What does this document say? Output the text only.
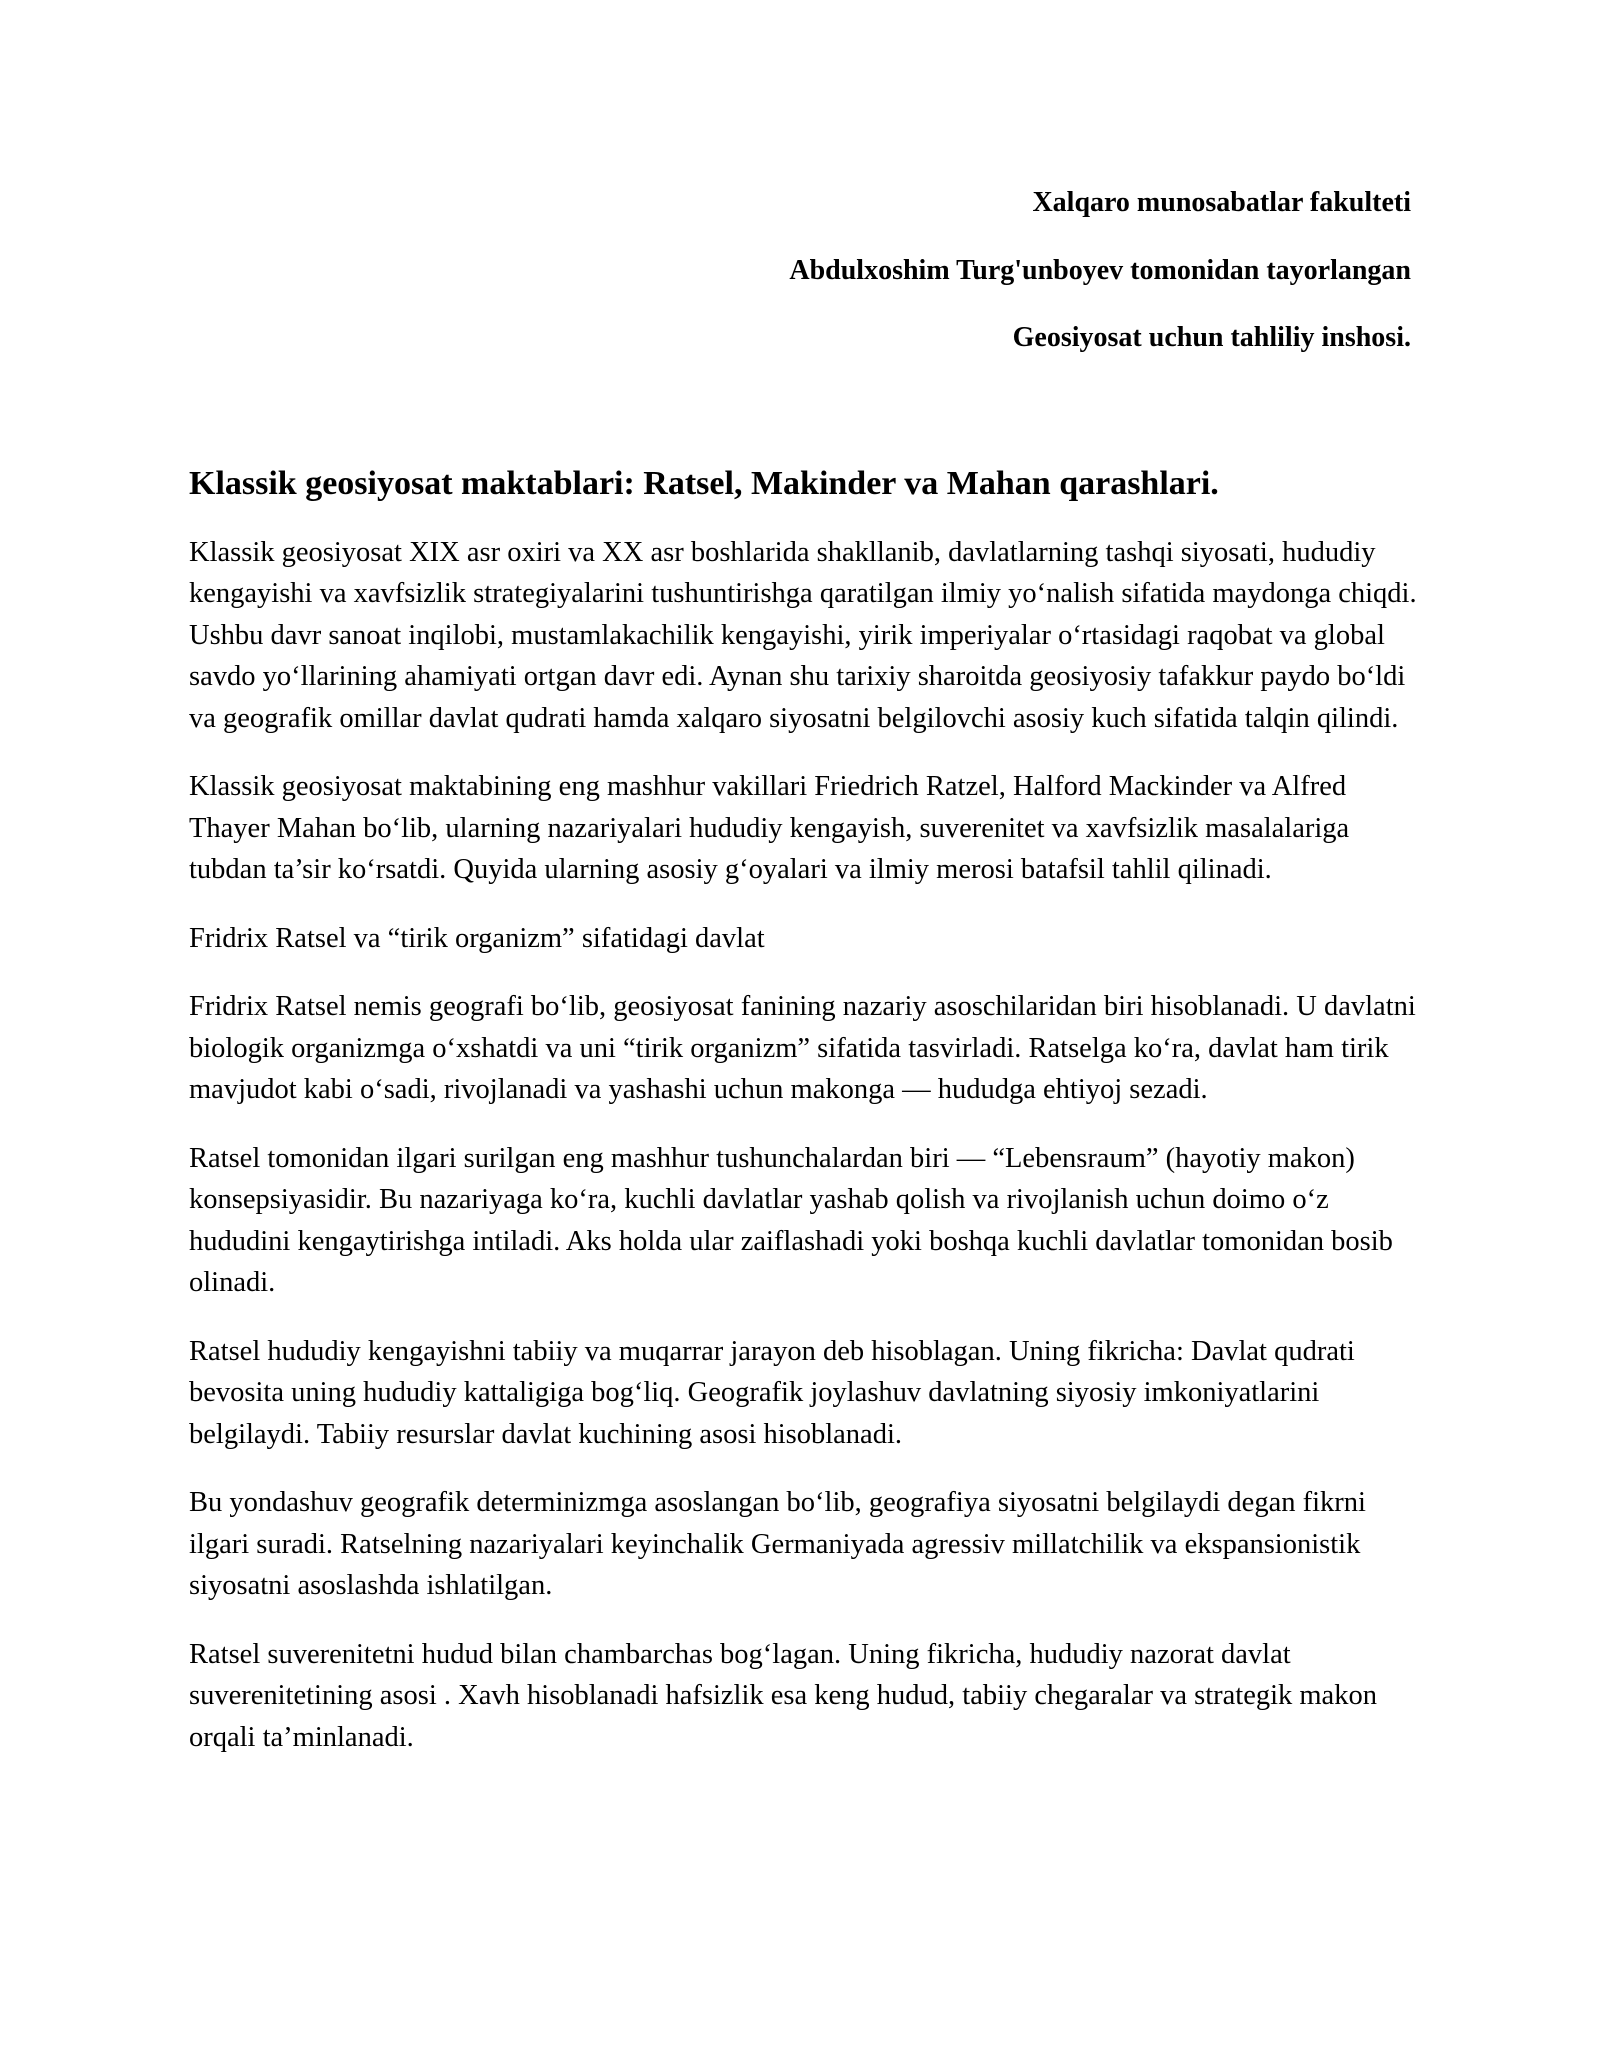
Xalqaro munosabatlar fakulteti

Abdulxoshim Turg'unboyev tomonidan tayorlangan

Geosiyosat uchun tahliliy inshosi.

Klassik geosiyosat maktablari: Ratsel, Makinder va Mahan qarashlari.

Klassik geosiyosat XIX asr oxiri va XX asr boshlarida shakllanib, davlatlarning tashqi siyosati, hududiy kengayishi va xavfsizlik strategiyalarini tushuntirishga qaratilgan ilmiy yo‘nalish sifatida maydonga chiqdi. Ushbu davr sanoat inqilobi, mustamlakachilik kengayishi, yirik imperiyalar o‘rtasidagi raqobat va global savdo yo‘llarining ahamiyati ortgan davr edi. Aynan shu tarixiy sharoitda geosiyosiy tafakkur paydo bo‘ldi va geografik omillar davlat qudrati hamda xalqaro siyosatni belgilovchi asosiy kuch sifatida talqin qilindi.

Klassik geosiyosat maktabining eng mashhur vakillari Friedrich Ratzel, Halford Mackinder va Alfred Thayer Mahan bo‘lib, ularning nazariyalari hududiy kengayish, suverenitet va xavfsizlik masalalariga tubdan ta’sir ko‘rsatdi. Quyida ularning asosiy g‘oyalari va ilmiy merosi batafsil tahlil qilinadi.

Fridrix Ratsel va “tirik organizm” sifatidagi davlat

Fridrix Ratsel nemis geografi bo‘lib, geosiyosat fanining nazariy asoschilaridan biri hisoblanadi. U davlatni biologik organizmga o‘xshatdi va uni “tirik organizm” sifatida tasvirladi. Ratselga ko‘ra, davlat ham tirik mavjudot kabi o‘sadi, rivojlanadi va yashashi uchun makonga — hududga ehtiyoj sezadi.

Ratsel tomonidan ilgari surilgan eng mashhur tushunchalardan biri — “Lebensraum” (hayotiy makon) konsepsiyasidir. Bu nazariyaga ko‘ra, kuchli davlatlar yashab qolish va rivojlanish uchun doimo o‘z hududini kengaytirishga intiladi. Aks holda ular zaiflashadi yoki boshqa kuchli davlatlar tomonidan bosib olinadi.

Ratsel hududiy kengayishni tabiiy va muqarrar jarayon deb hisoblagan. Uning fikricha: Davlat qudrati bevosita uning hududiy kattaligiga bog‘liq. Geografik joylashuv davlatning siyosiy imkoniyatlarini belgilaydi. Tabiiy resurslar davlat kuchining asosi hisoblanadi.

Bu yondashuv geografik determinizmga asoslangan bo‘lib, geografiya siyosatni belgilaydi degan fikrni ilgari suradi. Ratselning nazariyalari keyinchalik Germaniyada agressiv millatchilik va ekspansionistik siyosatni asoslashda ishlatilgan.

Ratsel suverenitetni hudud bilan chambarchas bog‘lagan. Uning fikricha, hududiy nazorat davlat suverenitetining asosi . Xavh hisoblanadi hafsizlik esa keng hudud, tabiiy chegaralar va strategik makon orqali ta’minlanadi.
